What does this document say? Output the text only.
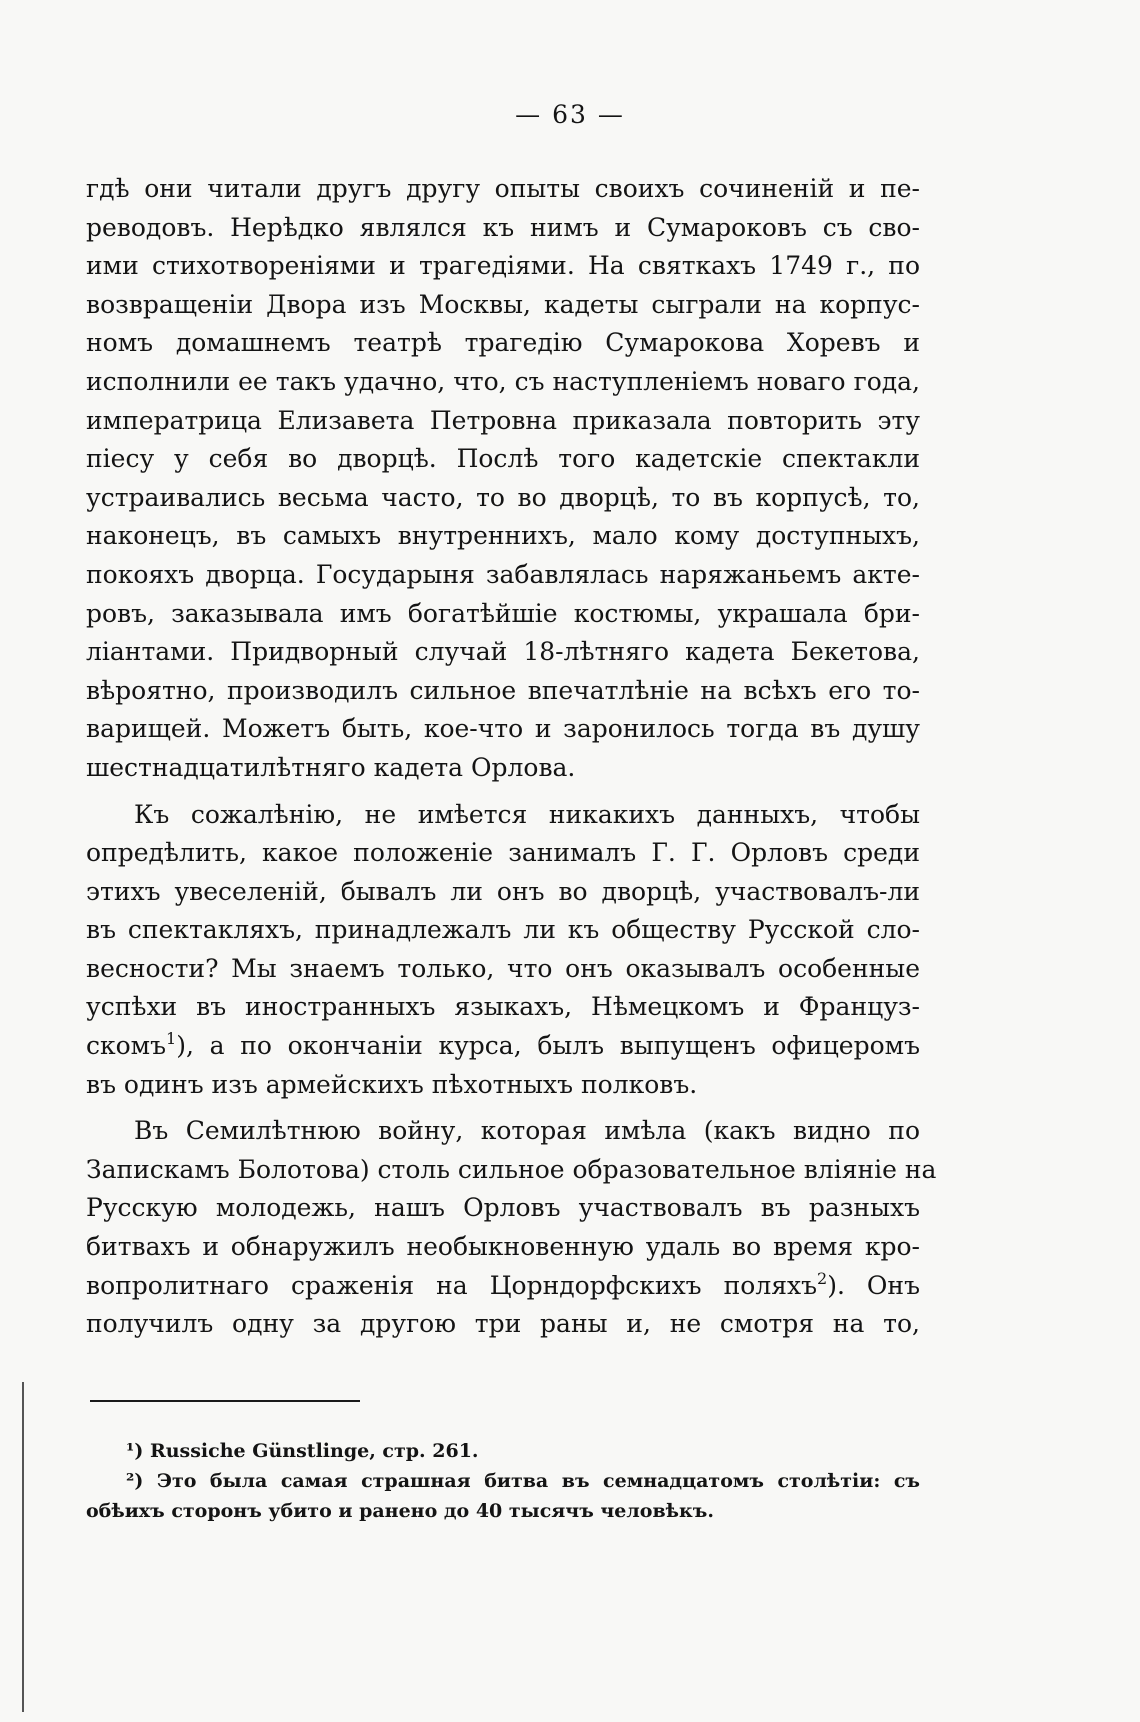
— 63 —

гдѣ они читали другъ другу опыты своихъ сочиненій и пе-
реводовъ. Нерѣдко являлся къ нимъ и Сумароковъ съ сво-
ими стихотвореніями и трагедіями. На святкахъ 1749 г., по
возвращеніи Двора изъ Москвы, кадеты сыграли на корпус-
номъ домашнемъ театрѣ трагедію Сумарокова Хоревъ и
исполнили ее такъ удачно, что, съ наступленіемъ новаго года,
императрица Елизавета Петровна приказала повторить эту
піесу у себя во дворцѣ. Послѣ того кадетскіе спектакли
устраивались весьма часто, то во дворцѣ, то въ корпусѣ, то,
наконецъ, въ самыхъ внутреннихъ, мало кому доступныхъ,
покояхъ дворца. Государыня забавлялась наряжаньемъ акте-
ровъ, заказывала имъ богатѣйшіе костюмы, украшала бри-
ліантами. Придворный случай 18-лѣтняго кадета Бекетова,
вѣроятно, производилъ сильное впечатлѣніе на всѣхъ его то-
варищей. Можетъ быть, кое-что и заронилось тогда въ душу
шестнадцатилѣтняго кадета Орлова.

Къ сожалѣнію, не имѣется никакихъ данныхъ, чтобы
опредѣлить, какое положеніе занималъ Г. Г. Орловъ среди
этихъ увеселеній, бывалъ ли онъ во дворцѣ, участвовалъ-ли
въ спектакляхъ, принадлежалъ ли къ обществу Русской сло-
весности? Мы знаемъ только, что онъ оказывалъ особенные
успѣхи въ иностранныхъ языкахъ, Нѣмецкомъ и Француз-
скомъ$^1$), а по окончаніи курса, былъ выпущенъ офицеромъ
въ одинъ изъ армейскихъ пѣхотныхъ полковъ.

Въ Семилѣтнюю войну, которая имѣла (какъ видно по
Запискамъ Болотова) столь сильное образовательное вліяніе на
Русскую молодежь, нашъ Орловъ участвовалъ въ разныхъ
битвахъ и обнаружилъ необыкновенную удаль во время кро-
вопролитнаго сраженія на Цорндорфскихъ поляхъ$^2$). Онъ
получилъ одну за другою три раны и, не смотря на то,

¹) Russiche Günstlinge, стр. 261.
²) Это была самая страшная битва въ семнадцатомъ столѣтіи: съ
обѣихъ сторонъ убито и ранено до 40 тысячъ человѣкъ.
